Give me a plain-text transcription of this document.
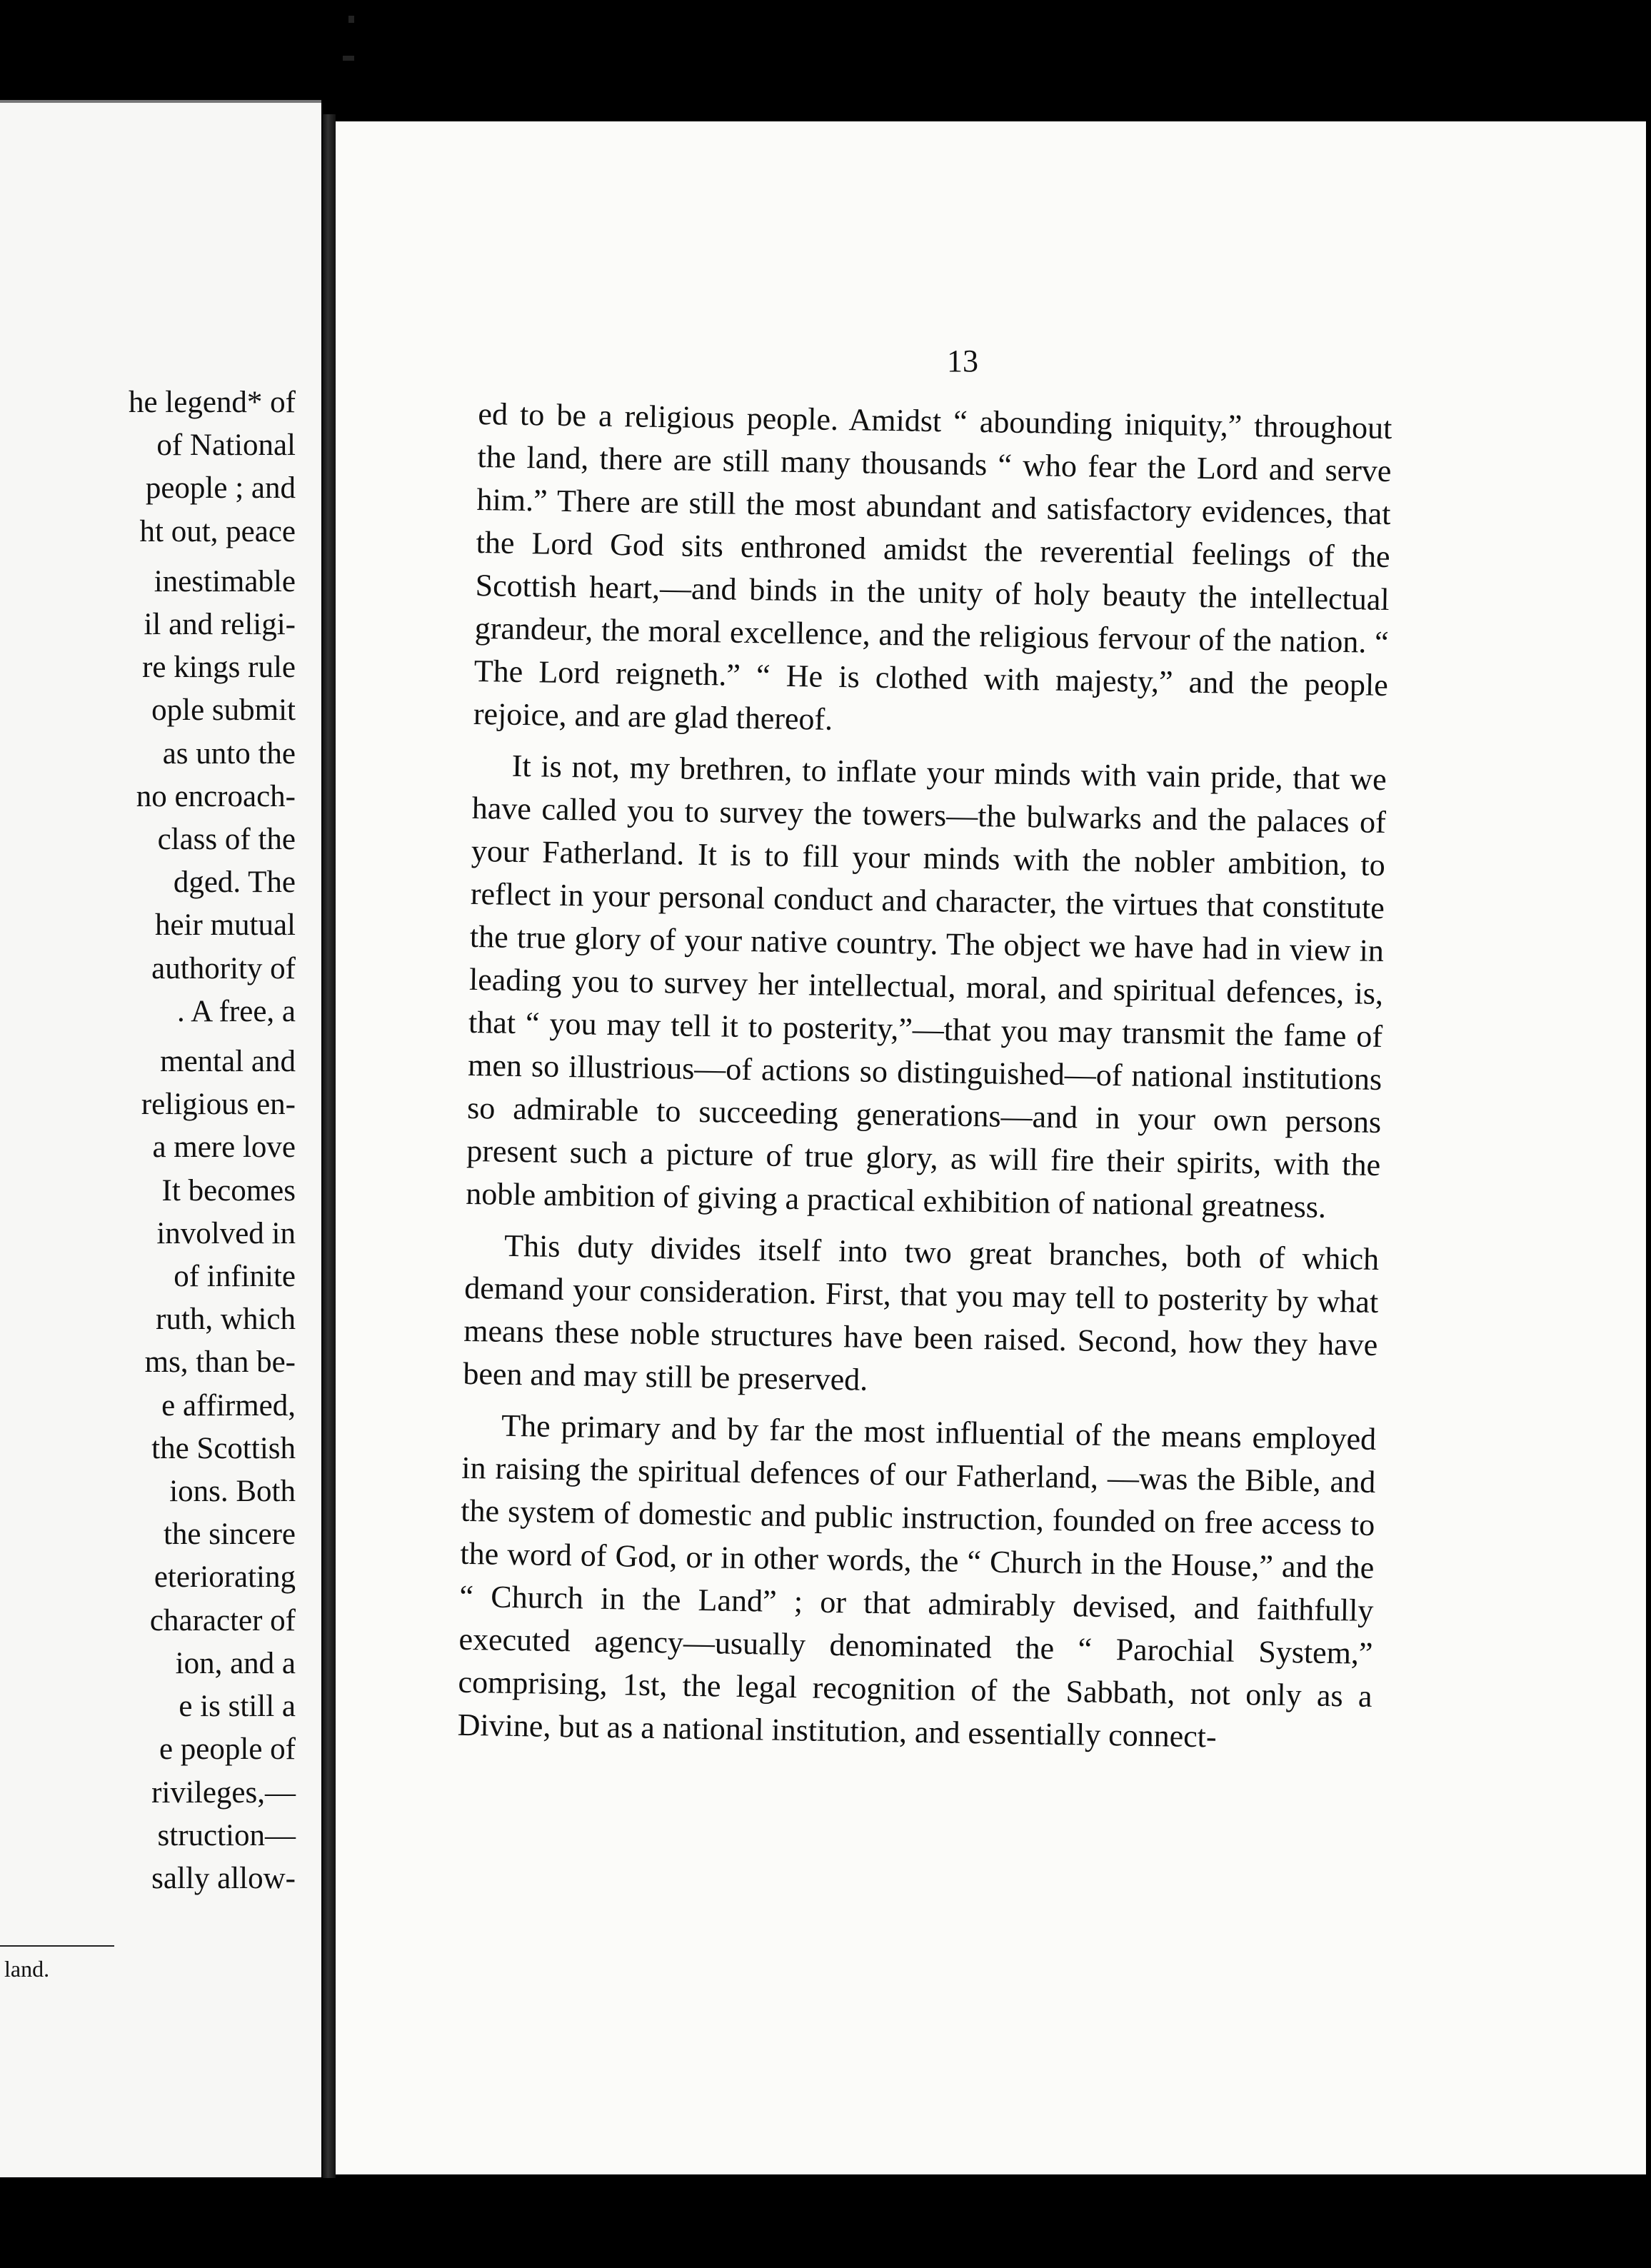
he legend* of
of National
people ; and
ht out, peace
inestimable
il and religi-
re kings rule
ople submit
as unto the
no encroach-
class of the
dged. The
heir mutual
authority of
. A free, a
mental and
religious en-
a mere love
It becomes
involved in
of infinite
ruth, which
ms, than be-
e affirmed,
the Scottish
ions. Both
the sincere
eteriorating
character of
ion, and a
e is still a
e people of
rivileges,—
struction—
sally allow-
land.
13

ed to be a religious people. Amidst “ abounding iniquity,” throughout the land, there are still many thousands “ who fear the Lord and serve him.” There are still the most abundant and satisfactory evidences, that the Lord God sits enthroned amidst the reverential feelings of the Scottish heart,—and binds in the unity of holy beauty the intellectual grandeur, the moral excellence, and the religious fervour of the nation. “ The Lord reigneth.” “ He is clothed with majesty,” and the people rejoice, and are glad thereof.

It is not, my brethren, to inflate your minds with vain pride, that we have called you to survey the towers—the bulwarks and the palaces of your Fatherland. It is to fill your minds with the nobler ambition, to reflect in your personal conduct and character, the virtues that constitute the true glory of your native country. The object we have had in view in leading you to survey her intellectual, moral, and spiritual defences, is, that “ you may tell it to posterity,”—that you may transmit the fame of men so illustrious—of actions so distinguished—of national institutions so admirable to succeeding generations—and in your own persons present such a picture of true glory, as will fire their spirits, with the noble ambition of giving a practical exhibition of national greatness.

This duty divides itself into two great branches, both of which demand your consideration. First, that you may tell to posterity by what means these noble structures have been raised. Second, how they have been and may still be preserved.

The primary and by far the most influential of the means employed in raising the spiritual defences of our Fatherland, —was the Bible, and the system of domestic and public instruction, founded on free access to the word of God, or in other words, the “ Church in the House,” and the “ Church in the Land” ; or that admirably devised, and faithfully executed agency—usually denominated the “ Parochial System,” comprising, 1st, the legal recognition of the Sabbath, not only as a Divine, but as a national institution, and essentially connect-
